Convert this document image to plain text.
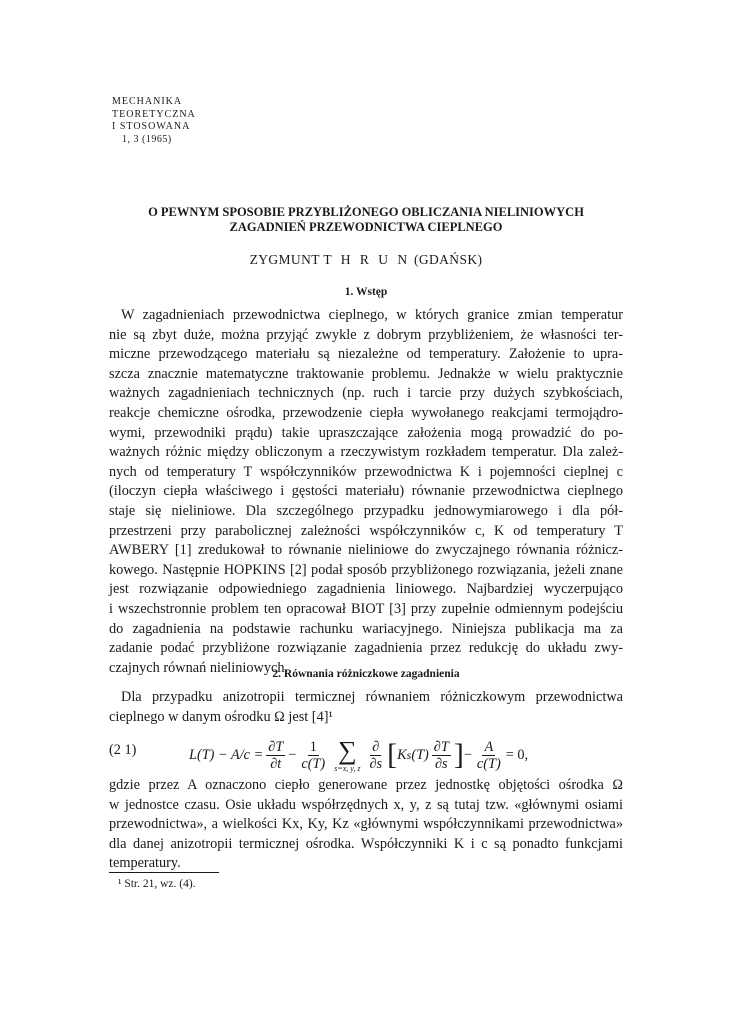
MECHANIKA
TEORETYCZNA
I STOSOWANA
1, 3 (1965)
O PEWNYM SPOSOBIE PRZYBLIŻONEGO OBLICZANIA NIELINIOWYCH
ZAGADNIEŃ PRZEWODNICTWA CIEPLNEGO
ZYGMUNT T H R U N (GDAŃSK)
1. Wstęp
W zagadnieniach przewodnictwa cieplnego, w których granice zmian temperatur
nie są zbyt duże, można przyjąć zwykle z dobrym przybliżeniem, że własności ter-
miczne przewodzącego materiału są niezależne od temperatury. Założenie to upra-
szcza znacznie matematyczne traktowanie problemu. Jednakże w wielu praktycznie
ważnych zagadnieniach technicznych (np. ruch i tarcie przy dużych szybkościach,
reakcje chemiczne ośrodka, przewodzenie ciepła wywołanego reakcjami termojądro-
wymi, przewodniki prądu) takie upraszczające założenia mogą prowadzić do po-
ważnych różnic między obliczonym a rzeczywistym rozkładem temperatur. Dla zależ-
nych od temperatury T współczynników przewodnictwa K i pojemności cieplnej c
(iloczyn ciepła właściwego i gęstości materiału) równanie przewodnictwa cieplnego
staje się nieliniowe. Dla szczególnego przypadku jednowymiarowego i dla pół-
przestrzeni przy parabolicznej zależności współczynników c, K od temperatury T
AWBERY [1] zredukował to równanie nieliniowe do zwyczajnego równania różnicz-
kowego. Następnie HOPKINS [2] podał sposób przybliżonego rozwiązania, jeżeli znane
jest rozwiązanie odpowiedniego zagadnienia liniowego. Najbardziej wyczerpująco
i wszechstronnie problem ten opracował BIOT [3] przy zupełnie odmiennym podejściu
do zagadnienia na podstawie rachunku wariacyjnego. Niniejsza publikacja ma za
zadanie podać przybliżone rozwiązanie zagadnienia przez redukcję do układu zwy-
czajnych równań nieliniowych.
2. Równania różniczkowe zagadnienia
Dla przypadku anizotropii termicznej równaniem różniczkowym przewodnictwa
cieplnego w danym ośrodku Ω jest [4]¹
(2 1)	$L(T) - A/c = \frac{\partial T}{\partial t} - \frac{1}{c(T)}$ ∑
s=x, y, z $\frac{\partial}{\partial s}$ [ K s $(T) \frac{\partial T}{\partial s}$ ] − $\frac{A}{c(T)} = 0$,
gdzie przez A oznaczono ciepło generowane przez jednostkę objętości ośrodka Ω
w jednostce czasu. Osie układu współrzędnych x, y, z są tutaj tzw. «głównymi osiami
przewodnictwa», a wielkości Kx, Ky, Kz «głównymi współczynnikami przewodnictwa»
dla danej anizotropii termicznej ośrodka. Współczynniki K i c są ponadto funkcjami
temperatury.
¹ Str. 21, wz. (4).
